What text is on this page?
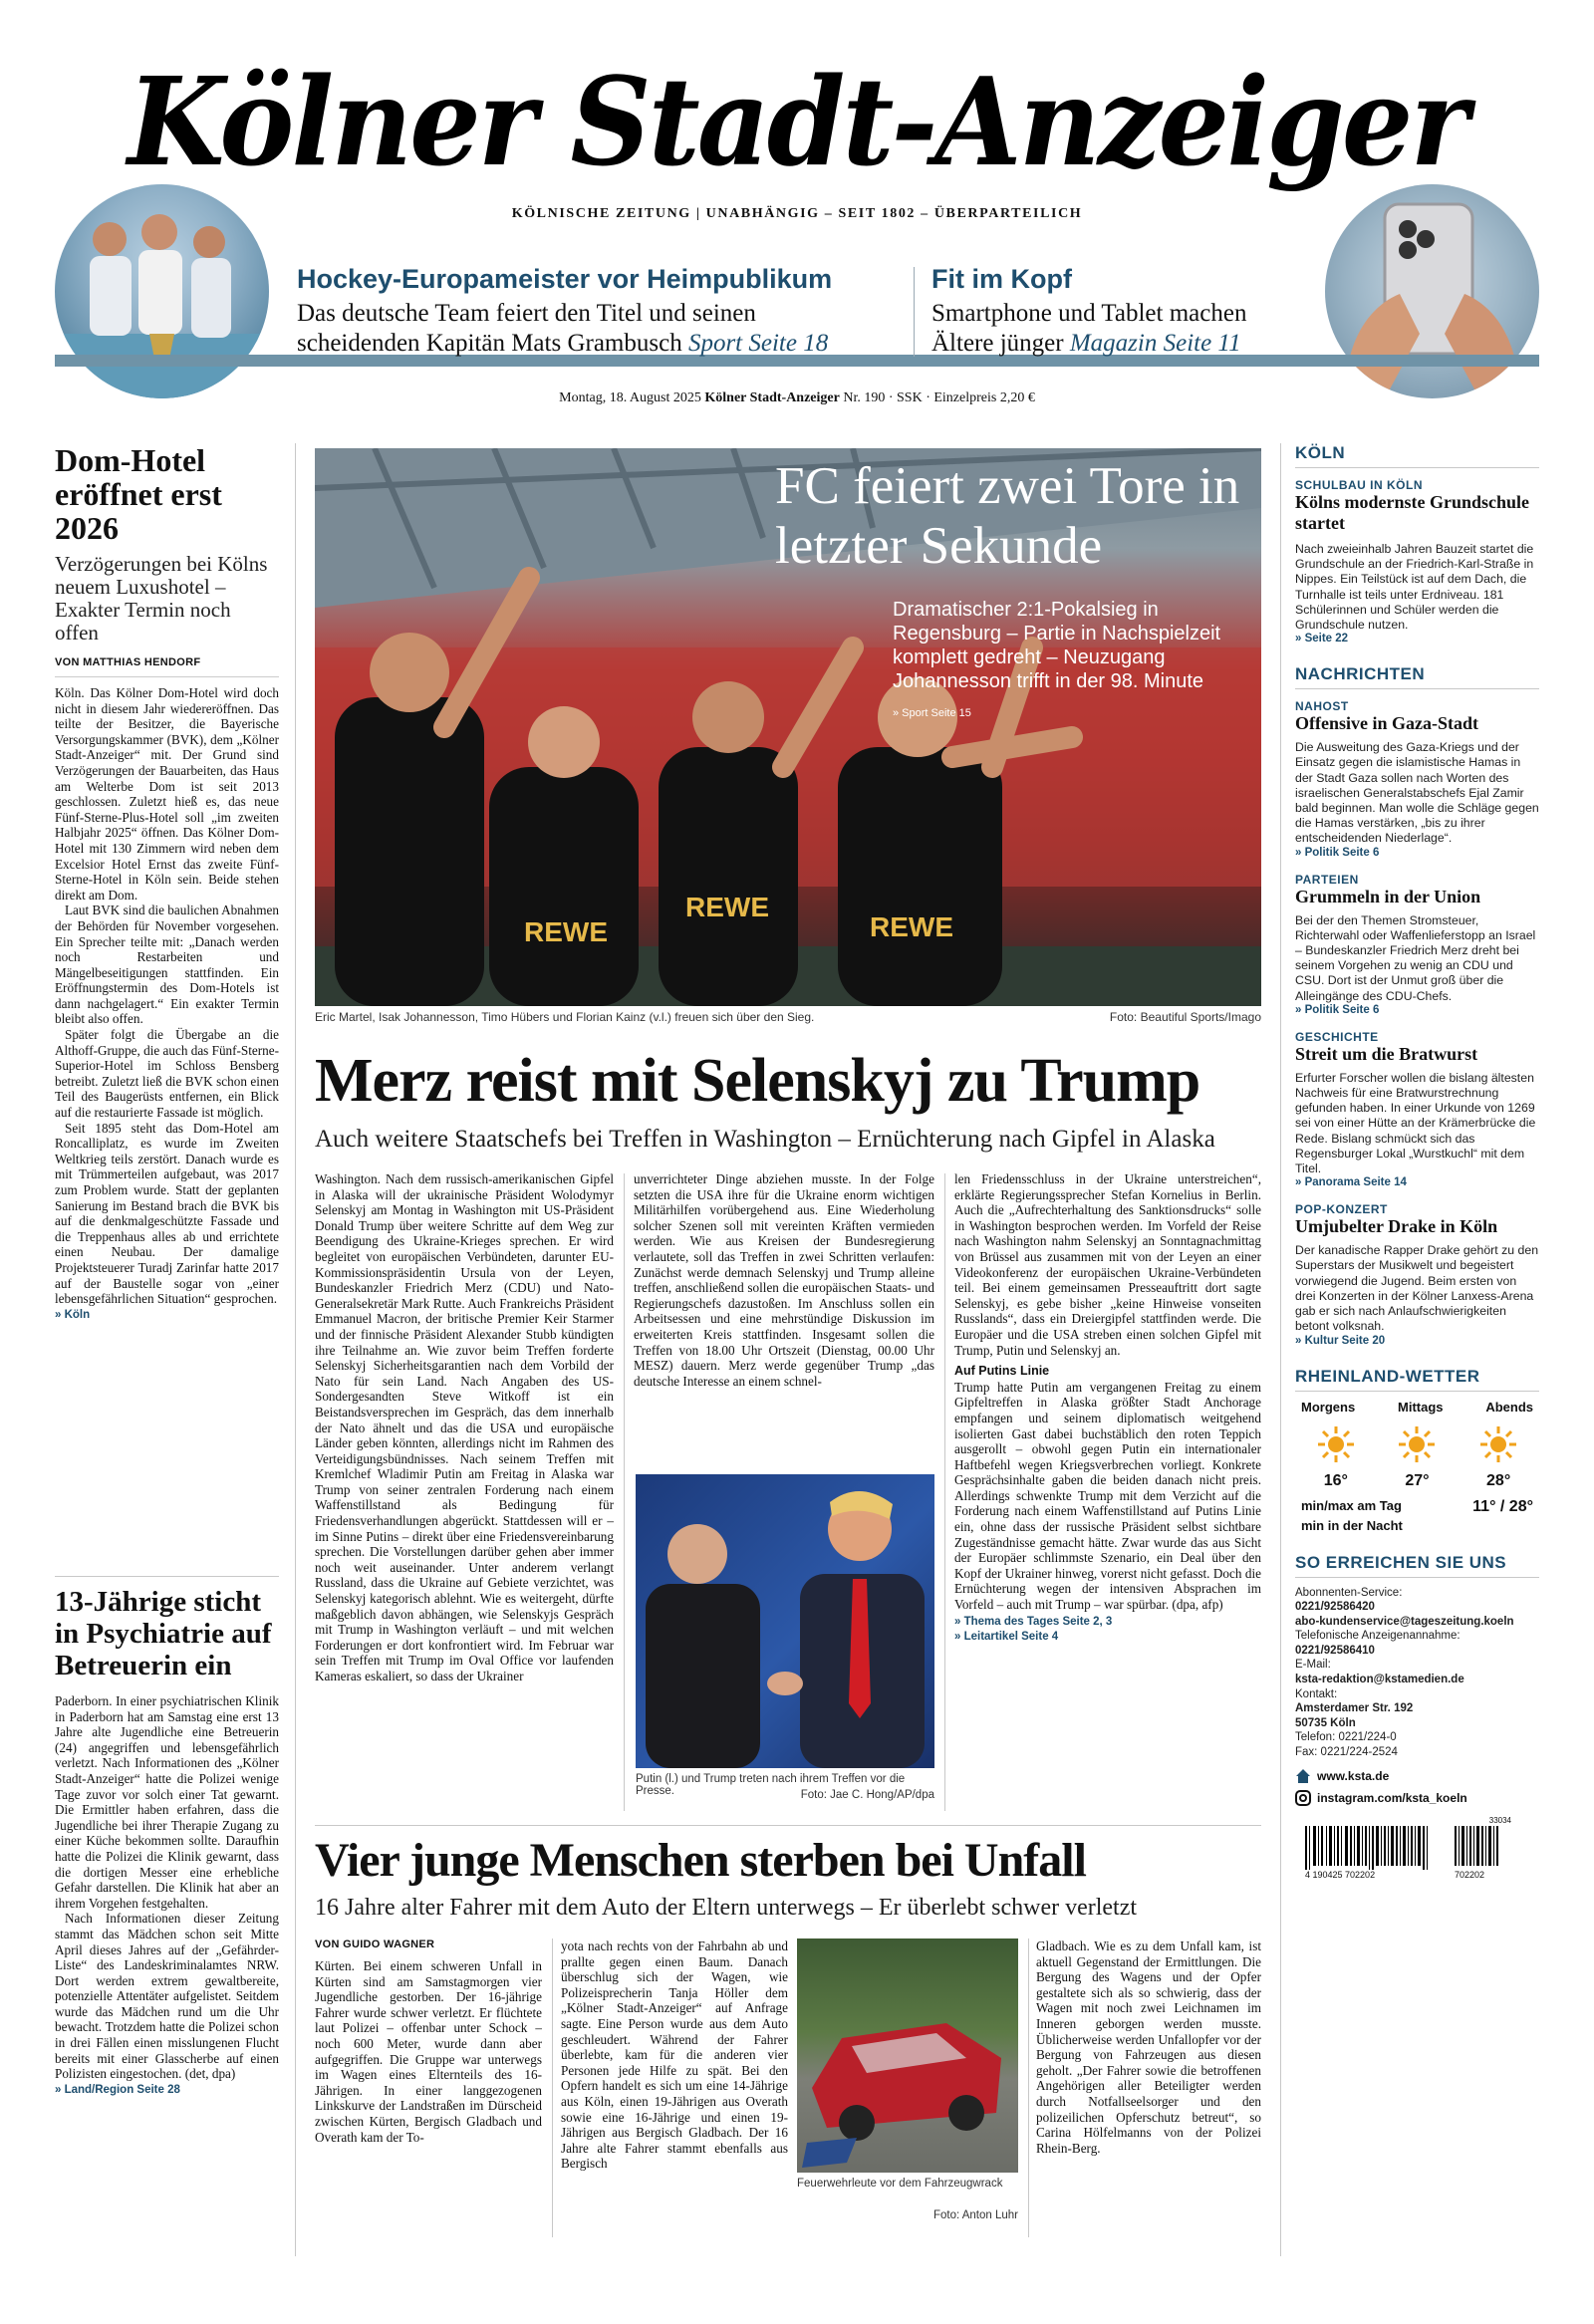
Kölner Stadt-Anzeiger
KÖLNISCHE ZEITUNG | UNABHÄNGIG – SEIT 1802 – ÜBERPARTEILICH
Hockey-Europameister vor Heimpublikum
Das deutsche Team feiert den Titel und seinen
scheidenden Kapitän Mats Grambusch Sport Seite 18
Fit im Kopf
Smartphone und Tablet machen
Ältere jünger Magazin Seite 11
Montag, 18. August 2025 Kölner Stadt-Anzeiger Nr. 190 · SSK · Einzelpreis 2,20 €
Dom-Hotel eröffnet erst 2026
Verzögerungen bei Kölns neuem Luxushotel – Exakter Termin noch offen
VON MATTHIAS HENDORF

Köln. Das Kölner Dom-Hotel wird doch nicht in diesem Jahr wiedereröffnen. Das teilte der Besitzer, die Bayerische Versorgungskammer (BVK), dem „Kölner Stadt-Anzeiger“ mit. Der Grund sind Verzögerungen der Bauarbeiten, das Haus am Welterbe Dom ist seit 2013 geschlossen. Zuletzt hieß es, das neue Fünf-Sterne-Plus-Hotel soll „im zweiten Halbjahr 2025“ öffnen. Das Kölner Dom-Hotel mit 130 Zimmern wird neben dem Excelsior Hotel Ernst das zweite Fünf-Sterne-Hotel in Köln sein. Beide stehen direkt am Dom.

Laut BVK sind die baulichen Abnahmen der Behörden für November vorgesehen. Ein Sprecher teilte mit: „Danach werden noch Restarbeiten und Mängelbeseitigungen stattfinden. Ein Eröffnungstermin des Dom-Hotels ist dann nachgelagert.“ Ein exakter Termin bleibt also offen.

Später folgt die Übergabe an die Althoff-Gruppe, die auch das Fünf-Sterne-Superior-Hotel im Schloss Bensberg betreibt. Zuletzt ließ die BVK schon einen Teil des Baugerüsts entfernen, ein Blick auf die restaurierte Fassade ist möglich.

Seit 1895 steht das Dom-Hotel am Roncalliplatz, es wurde im Zweiten Weltkrieg teils zerstört. Danach wurde es mit Trümmerteilen aufgebaut, was 2017 zum Problem wurde. Statt der geplanten Sanierung im Bestand brach die BVK bis auf die denkmalgeschützte Fassade und die Treppenhaus alles ab und errichtete einen Neubau. Der damalige Projektsteuerer Turadj Zarinfar hatte 2017 auf der Baustelle sogar von „einer lebensgefährlichen Situation“ gesprochen.

» Köln
13-Jährige sticht in Psychiatrie auf Betreuerin ein

Paderborn. In einer psychiatrischen Klinik in Paderborn hat am Samstag eine erst 13 Jahre alte Jugendliche eine Betreuerin (24) angegriffen und lebensgefährlich verletzt. Nach Informationen des „Kölner Stadt-Anzeiger“ hatte die Polizei wenige Tage zuvor vor solch einer Tat gewarnt. Die Ermittler haben erfahren, dass die Jugendliche bei ihrer Therapie Zugang zu einer Küche bekommen sollte. Daraufhin hatte die Polizei die Klinik gewarnt, dass die dortigen Messer eine erhebliche Gefahr darstellen. Die Klinik hat aber an ihrem Vorgehen festgehalten.

Nach Informationen dieser Zeitung stammt das Mädchen schon seit Mitte April dieses Jahres auf der „Gefährder-Liste“ des Landeskriminalamtes NRW. Dort werden extrem gewaltbereite, potenzielle Attentäter aufgelistet. Seitdem wurde das Mädchen rund um die Uhr bewacht. Trotzdem hatte die Polizei schon in drei Fällen einen misslungenen Flucht bereits mit einer Glasscherbe auf einen Polizisten eingestochen. (det, dpa)

» Land/Region Seite 28
REWE
REWE
REWE
FC feiert zwei Tore in letzter Sekunde
Dramatischer 2:1-Pokalsieg in Regensburg – Partie in Nachspielzeit komplett gedreht – Neuzugang Johannesson trifft in der 98. Minute
» Sport Seite 15
Eric Martel, Isak Johannesson, Timo Hübers und Florian Kainz (v.l.) freuen sich über den Sieg.	Foto: Beautiful Sports/Imago
Merz reist mit Selenskyj zu Trump
Auch weitere Staatschefs bei Treffen in Washington – Ernüchterung nach Gipfel in Alaska

Washington. Nach dem russisch-amerikanischen Gipfel in Alaska will der ukrainische Präsident Wolodymyr Selenskyj am Montag in Washington mit US-Präsident Donald Trump über weitere Schritte auf dem Weg zur Beendigung des Ukraine-Krieges sprechen. Er wird begleitet von europäischen Verbündeten, darunter EU-Kommissionspräsidentin Ursula von der Leyen, Bundeskanzler Friedrich Merz (CDU) und Nato-Generalsekretär Mark Rutte. Auch Frankreichs Präsident Emmanuel Macron, der britische Premier Keir Starmer und der finnische Präsident Alexander Stubb kündigten ihre Teilnahme an. Wie zuvor beim Treffen forderte Selenskyj Sicherheitsgarantien nach dem Vorbild der Nato für sein Land. Nach Angaben des US-Sondergesandten Steve Witkoff ist ein Beistandsversprechen im Gespräch, das dem innerhalb der Nato ähnelt und das die USA und europäische Länder geben könnten, allerdings nicht im Rahmen des Verteidigungsbündnisses. Nach seinem Treffen mit Kremlchef Wladimir Putin am Freitag in Alaska war Trump von seiner zentralen Forderung nach einem Waffenstillstand als Bedingung für Friedensverhandlungen abgerückt. Stattdessen will er – im Sinne Putins – direkt über eine Friedensvereinbarung sprechen. Die Vorstellungen darüber gehen aber immer noch weit auseinander. Unter anderem verlangt Russland, dass die Ukraine auf Gebiete verzichtet, was Selenskyj kategorisch ablehnt. Wie es weitergeht, dürfte maßgeblich davon abhängen, wie Selenskyjs Gespräch mit Trump in Washington verläuft – und mit welchen Forderungen er dort konfrontiert wird. Im Februar war sein Treffen mit Trump im Oval Office vor laufenden Kameras eskaliert, so dass der Ukrainer

unverrichteter Dinge abziehen musste. In der Folge setzten die USA ihre für die Ukraine enorm wichtigen Militärhilfen vorübergehend aus. Eine Wiederholung solcher Szenen soll mit vereinten Kräften vermieden werden. Wie aus Kreisen der Bundesregierung verlautete, soll das Treffen in zwei Schritten verlaufen: Zunächst werde demnach Selenskyj und Trump alleine treffen, anschließend sollen die europäischen Staats- und Regierungschefs dazustoßen. Im Anschluss sollen ein Arbeitsessen und eine mehrstündige Diskussion im erweiterten Kreis stattfinden. Insgesamt sollen die Treffen von 18.00 Uhr Ortszeit (Dienstag, 00.00 Uhr MESZ) dauern. Merz werde gegenüber Trump „das deutsche Interesse an einem schnel-

len Friedensschluss in der Ukraine unterstreichen“, erklärte Regierungssprecher Stefan Kornelius in Berlin. Auch die „Aufrechterhaltung des Sanktionsdrucks“ solle in Washington besprochen werden. Im Vorfeld der Reise nach Washington nahm Selenskyj an Sonntagnachmittag von Brüssel aus zusammen mit von der Leyen an einer Videokonferenz der europäischen Ukraine-Verbündeten teil. Bei einem gemeinsamen Presseauftritt dort sagte Selenskyj, es gebe bisher „keine Hinweise vonseiten Russlands“, dass ein Dreiergipfel stattfinden werde. Die Europäer und die USA streben einen solchen Gipfel mit Trump, Putin und Selenskyj an.

Auf Putins Linie

Trump hatte Putin am vergangenen Freitag zu einem Gipfeltreffen in Alaska größter Stadt Anchorage empfangen und seinem diplomatisch weitgehend isolierten Gast dabei buchstäblich den roten Teppich ausgerollt – obwohl gegen Putin ein internationaler Haftbefehl wegen Kriegsverbrechen vorliegt. Konkrete Gesprächsinhalte gaben die beiden danach nicht preis. Allerdings schwenkte Trump mit dem Verzicht auf die Forderung nach einem Waffenstillstand auf Putins Linie ein, ohne dass der russische Präsident selbst sichtbare Zugeständnisse gemacht hätte. Zwar wurde das aus Sicht der Europäer schlimmste Szenario, ein Deal über den Kopf der Ukrainer hinweg, vorerst nicht gefasst. Doch die Ernüchterung wegen der intensiven Absprachen im Vorfeld – auch mit Trump – war spürbar. (dpa, afp)

» Thema des Tages Seite 2, 3
» Leitartikel Seite 4
Putin (l.) und Trump treten nach ihrem Treffen vor die Presse.	Foto: Jae C. Hong/AP/dpa
Vier junge Menschen sterben bei Unfall
16 Jahre alter Fahrer mit dem Auto der Eltern unterwegs – Er überlebt schwer verletzt
VON GUIDO WAGNER

Kürten. Bei einem schweren Unfall in Kürten sind am Samstagmorgen vier Jugendliche gestorben. Der 16-jährige Fahrer wurde schwer verletzt. Er flüchtete laut Polizei – offenbar unter Schock – noch 600 Meter, wurde dann aber aufgegriffen. Die Gruppe war unterwegs im Wagen eines Elternteils des 16-Jährigen. In einer langgezogenen Linkskurve der Landstraßen im Dürscheid zwischen Kürten, Bergisch Gladbach und Overath kam der To-

yota nach rechts von der Fahrbahn ab und prallte gegen einen Baum. Danach überschlug sich der Wagen, wie Polizeisprecherin Tanja Höller dem „Kölner Stadt-Anzeiger“ auf Anfrage sagte. Eine Person wurde aus dem Auto geschleudert. Während der Fahrer überlebte, kam für die anderen vier Personen jede Hilfe zu spät. Bei den Opfern handelt es sich um eine 14-Jährige aus Köln, einen 19-Jährigen aus Overath sowie eine 16-Jährige und einen 19-Jährigen aus Bergisch Gladbach. Der 16 Jahre alte Fahrer stammt ebenfalls aus Bergisch

Feuerwehrleute vor dem Fahrzeugwrack
Foto: Anton Luhr

Gladbach. Wie es zu dem Unfall kam, ist aktuell Gegenstand der Ermittlungen. Die Bergung des Wagens und der Opfer gestaltete sich als so schwierig, dass der Wagen mit noch zwei Leichnamen im Inneren geborgen werden musste. Üblicherweise werden Unfallopfer vor der Bergung von Fahrzeugen aus diesen geholt. „Der Fahrer sowie die betroffenen Angehörigen aller Beteiligter werden durch Notfallseelsorger und den polizeilichen Opferschutz betreut“, so Carina Hölfelmanns von der Polizei Rhein-Berg.

KÖLN
SCHULBAU IN KÖLN
Kölns modernste Grundschule startet
Nach zweieinhalb Jahren Bauzeit startet die Grundschule an der Friedrich-Karl-Straße in Nippes. Ein Teilstück ist auf dem Dach, die Turnhalle ist teils unter Erdniveau. 181 Schülerinnen und Schüler werden die Grundschule nutzen.
» Seite 22
NACHRICHTEN
NAHOST
Offensive in Gaza-Stadt
Die Ausweitung des Gaza-Kriegs und der Einsatz gegen die islamistische Hamas in der Stadt Gaza sollen nach Worten des israelischen Generalstabschefs Ejal Zamir bald beginnen. Man wolle die Schläge gegen die Hamas verstärken, „bis zu ihrer entscheidenden Niederlage“.
» Politik Seite 6
PARTEIEN
Grummeln in der Union
Bei der den Themen Stromsteuer, Richterwahl oder Waffenlieferstopp an Israel – Bundeskanzler Friedrich Merz dreht bei seinem Vorgehen zu wenig an CDU und CSU. Dort ist der Unmut groß über die Alleingänge des CDU-Chefs.
» Politik Seite 6
GESCHICHTE
Streit um die Bratwurst
Erfurter Forscher wollen die bislang ältesten Nachweis für eine Bratwurstrechnung gefunden haben. In einer Urkunde von 1269 sei von einer Hütte an der Krämerbrücke die Rede. Bislang schmückt sich das Regensburger Lokal „Wurstkuchl“ mit dem Titel.
» Panorama Seite 14
POP-KONZERT
Umjubelter Drake in Köln
Der kanadische Rapper Drake gehört zu den Superstars der Musikwelt und begeistert vorwiegend die Jugend. Beim ersten von drei Konzerten in der Kölner Lanxess-Arena gab er sich nach Anlaufschwierigkeiten betont volksnah.
» Kultur Seite 20
RHEINLAND-WETTER
Morgens	Mittags	Abends
16°	27°	28°
min/max am Tag	11° / 28°
min in der Nacht
SO ERREICHEN SIE UNS
Abonnenten-Service:
0221/92586420
abo-kundenservice@tageszeitung.koeln
Telefonische Anzeigenannahme:
0221/92586410
E-Mail:
ksta-redaktion@kstamedien.de
Kontakt:
Amsterdamer Str. 192
50735 Köln
Telefon: 0221/224-0
Fax: 0221/224-2524
www.ksta.de
instagram.com/ksta_koeln
33034
4 190425 702202	702202
